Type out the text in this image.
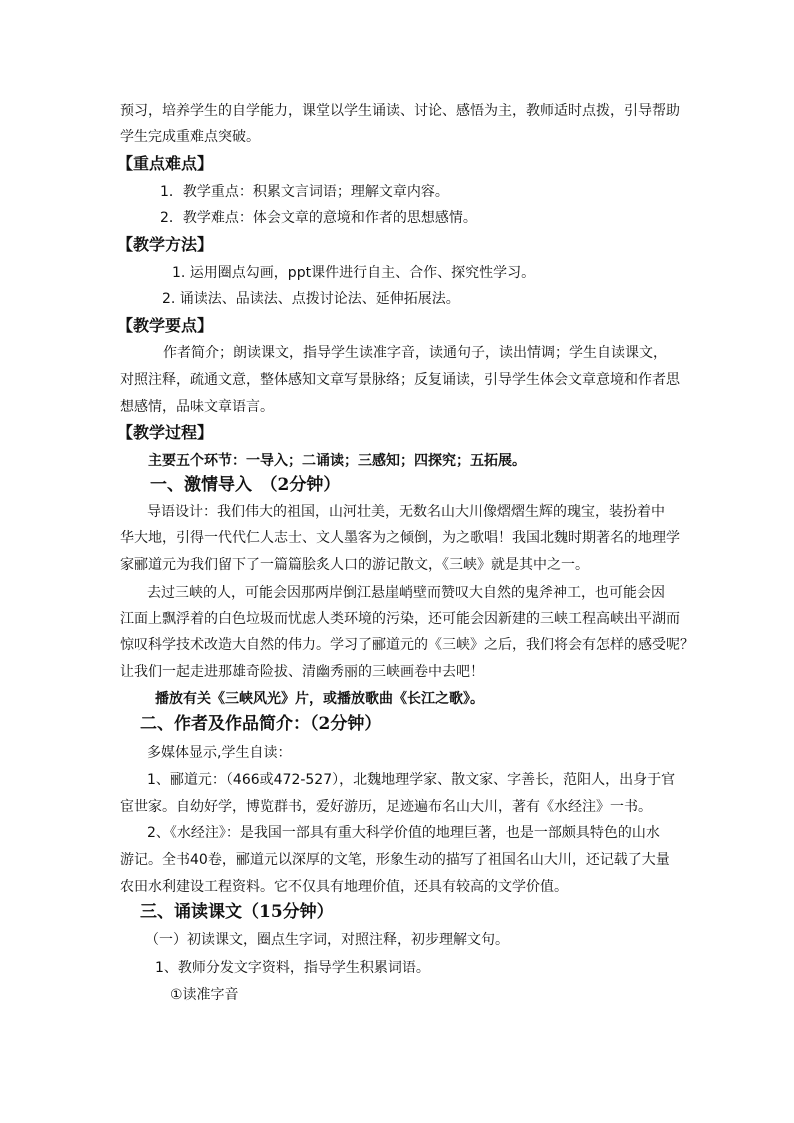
预习，培养学生的自学能力，课堂以学生诵读、讨论、感悟为主，教师适时点拨，引导帮助
学生完成重难点突破。
【重点难点】
1．教学重点：积累文言词语；理解文章内容。
2．教学难点：体会文章的意境和作者的思想感情。
【教学方法】
1. 运用圈点勾画，ppt课件进行自主、合作、探究性学习。
2. 诵读法、品读法、点拨讨论法、延伸拓展法。
【教学要点】
作者简介；朗读课文，指导学生读准字音，读通句子，读出情调；学生自读课文，
对照注释，疏通文意，整体感知文章写景脉络；反复诵读，引导学生体会文章意境和作者思
想感情，品味文章语言。
【教学过程】
主要五个环节：一导入；二诵读；三感知；四探究；五拓展。
一、激情导入　（2分钟）
导语设计：我们伟大的祖国，山河壮美，无数名山大川像熠熠生辉的瑰宝，装扮着中
华大地，引得一代代仁人志士、文人墨客为之倾倒，为之歌唱！我国北魏时期著名的地理学
家郦道元为我们留下了一篇篇脍炙人口的游记散文，《三峡》就是其中之一。
去过三峡的人，可能会因那两岸倒江悬崖峭壁而赞叹大自然的鬼斧神工，也可能会因
江面上飘浮着的白色垃圾而忧虑人类环境的污染，还可能会因新建的三峡工程高峡出平湖而
惊叹科学技术改造大自然的伟力。学习了郦道元的《三峡》之后，我们将会有怎样的感受呢？
让我们一起走进那雄奇险拔、清幽秀丽的三峡画卷中去吧！
播放有关《三峡风光》片，或播放歌曲《长江之歌》。
二、作者及作品简介：（2分钟）
多媒体显示,学生自读：
1、郦道元：（466或472-527），北魏地理学家、散文家、字善长，范阳人，出身于官
宦世家。自幼好学，博览群书，爱好游历，足迹遍布名山大川，著有《水经注》一书。
2、《水经注》：是我国一部具有重大科学价值的地理巨著，也是一部颇具特色的山水
游记。全书40卷，郦道元以深厚的文笔，形象生动的描写了祖国名山大川，还记载了大量
农田水利建设工程资料。它不仅具有地理价值，还具有较高的文学价值。
三、诵读课文（15分钟）
（一）初读课文，圈点生字词，对照注释，初步理解文句。
1、教师分发文字资料，指导学生积累词语。
①读准字音
